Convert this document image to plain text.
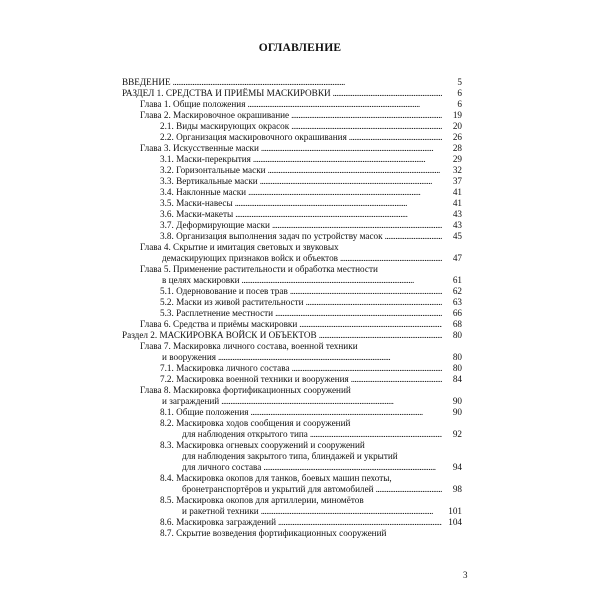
ОГЛАВЛЕНИЕ
ВВЕДЕНИЕ . . .	5
РАЗДЕЛ 1. СРЕДСТВА И ПРИЁМЫ МАСКИРОВКИ . . .	6
Глава 1. Общие положения . . .	6
Глава 2. Маскировочное окрашивание . . .	19
2.1. Виды маскирующих окрасок . . .	20
2.2. Организация маскировочного окрашивания . . .	26
Глава 3. Искусственные маски . . .	28
3.1. Маски-перекрытия . . .	29
3.2. Горизонтальные маски . . .	32
3.3. Вертикальные маски . . .	37
3.4. Наклонные маски . . .	41
3.5. Маски-навесы . . .	41
3.6. Маски-макеты . . .	43
3.7. Деформирующие маски . . .	43
3.8. Организация выполнения задач по устройству масок . . .	45
Глава 4. Скрытие и имитация световых и звуковых
демаскирующих признаков войск и объектов . . .	47
Глава 5. Применение растительности и обработка местности
в целях маскировки . . .	61
5.1. Одерновование и посев трав . . .	62
5.2. Маски из живой растительности . . .	63
5.3. Расплетнение местности . . .	66
Глава 6. Средства и приёмы маскировки . . .	68
Раздел 2. МАСКИРОВКА ВОЙСК И ОБЪЕКТОВ . . .	80
Глава 7. Маскировка личного состава, военной техники
и вооружения . . .	80
7.1. Маскировка личного состава . . .	80
7.2. Маскировка военной техники и вооружения . . .	84
Глава 8. Маскировка фортификационных сооружений
и заграждений . . .	90
8.1. Общие положения . . .	90
8.2. Маскировка ходов сообщения и сооружений
для наблюдения открытого типа . . .	92
8.3. Маскировка огневых сооружений и сооружений
для наблюдения закрытого типа, блиндажей и укрытий
для личного состава . . .	94
8.4. Маскировка окопов для танков, боевых машин пехоты,
бронетранспортёров и укрытий для автомобилей . . .	98
8.5. Маскировка окопов для артиллерии, миномётов
и ракетной техники . . .	101
8.6. Маскировка заграждений . . .	104
8.7. Скрытие возведения фортификационных сооружений
3
